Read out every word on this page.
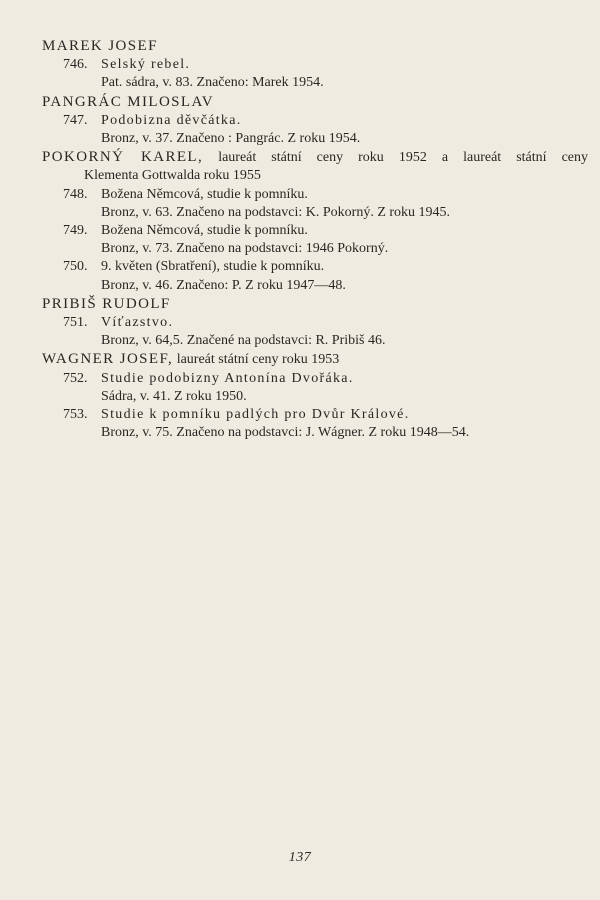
MAREK JOSEF
746. Selský rebel.
Pat. sádra, v. 83. Značeno: Marek 1954.
PANGRÁC MILOSLAV
747. Podobizna děvčátka.
Bronz, v. 37. Značeno : Pangrác. Z roku 1954.
POKORNÝ KAREL, laureát státní ceny roku 1952 a laureát státní ceny
Klementa Gottwalda roku 1955
748. Božena Němcová, studie k pomníku.
Bronz, v. 63. Značeno na podstavci: K. Pokorný. Z roku 1945.
749. Božena Němcová, studie k pomníku.
Bronz, v. 73. Značeno na podstavci: 1946 Pokorný.
750. 9. květen (Sbratření), studie k pomníku.
Bronz, v. 46. Značeno: P. Z roku 1947—48.
PRIBIŠ RUDOLF
751. Víťazstvo.
Bronz, v. 64,5. Značené na podstavci: R. Pribiš 46.
WAGNER JOSEF, laureát státní ceny roku 1953
752. Studie podobizny Antonína Dvořáka.
Sádra, v. 41. Z roku 1950.
753. Studie k pomníku padlých pro Dvůr Králové.
Bronz, v. 75. Značeno na podstavci: J. Wágner. Z roku 1948—54.
137
